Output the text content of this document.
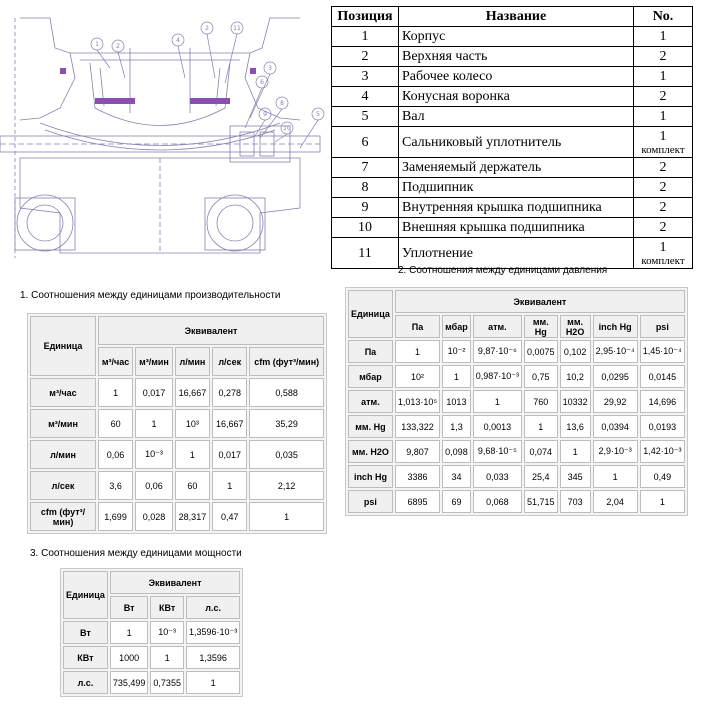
1	2
4
2	11
3
6
8
9
10
5
Позиция	Название	No.
1	Корпус	1

2	Верхняя часть	2

3	Рабочее колесо	1

4	Конусная воронка	2

5	Вал	1

6	Сальниковый уплотнитель	1
комплект

7	Заменяемый держатель	2

8	Подшипник	2

9	Внутренняя крышка подшипника	2

10	Внешняя крышка подшипника	2

11	Уплотнение	1
комплект
2. Соотношения между единицами давления
1. Соотношения между единицами производительности
3. Соотношения между единицами мощности
Единица	Эквивалент				
	м³/час	м³/мин	л/мин	л/сек	cfm (фут³/мин)
м³/час	1	0,017	16,667	0,278	0,588
м³/мин	60	1	10³	16,667	35,29
л/мин	0,06	10⁻³	1	0,017	0,035
л/сек	3,6	0,06	60	1	2,12
cfm (фут³/мин)	1,699	0,028	28,317	0,47	1
Единица	Эквивалент						
	Па	мбар	атм.	мм. Hg	мм. H2O	inch Hg	psi
Па	1	10⁻²	9,87·10⁻⁶	0,0075	0,102	2,95·10⁻⁴	1,45·10⁻⁴
мбар	10²	1	0,987·10⁻³	0,75	10,2	0,0295	0,0145
атм.	1,013·10⁵	1013	1	760	10332	29,92	14,696
мм. Hg	133,322	1,3	0,0013	1	13,6	0,0394	0,0193
мм. H2O	9,807	0,098	9,68·10⁻⁵	0,074	1	2,9·10⁻³	1,42·10⁻³
inch Hg	3386	34	0,033	25,4	345	1	0,49
psi	6895	69	0,068	51,715	703	2,04	1
Единица	Эквивалент		
	Вт	КВт	л.с.
Вт	1	10⁻³	1,3596·10⁻³
КВт	1000	1	1,3596
л.с.	735,499	0,7355	1
